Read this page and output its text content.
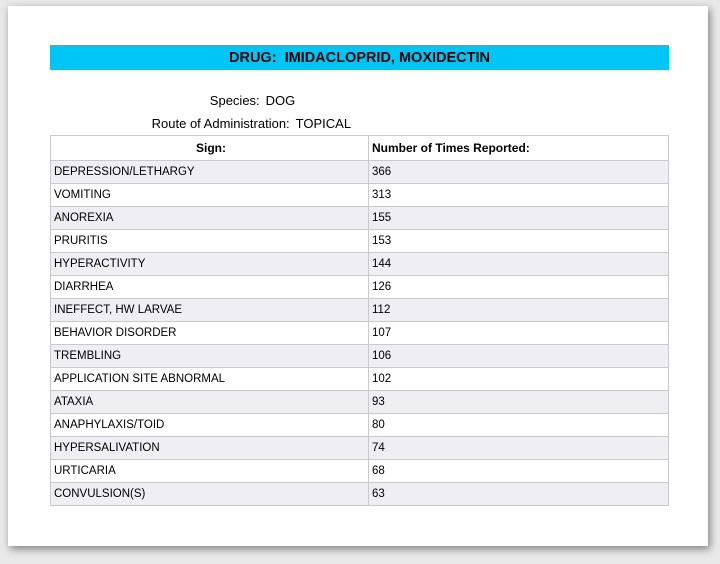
DRUG:  IMIDACLOPRID, MOXIDECTIN

Species: DOG

Route of Administration: TOPICAL

Sign:	Number of Times Reported:
DEPRESSION/LETHARGY	366
VOMITING	313
ANOREXIA	155
PRURITIS	153
HYPERACTIVITY	144
DIARRHEA	126
INEFFECT, HW LARVAE	112
BEHAVIOR DISORDER	107
TREMBLING	106
APPLICATION SITE ABNORMAL	102
ATAXIA	93
ANAPHYLAXIS/TOID	80
HYPERSALIVATION	74
URTICARIA	68
CONVULSION(S)	63
